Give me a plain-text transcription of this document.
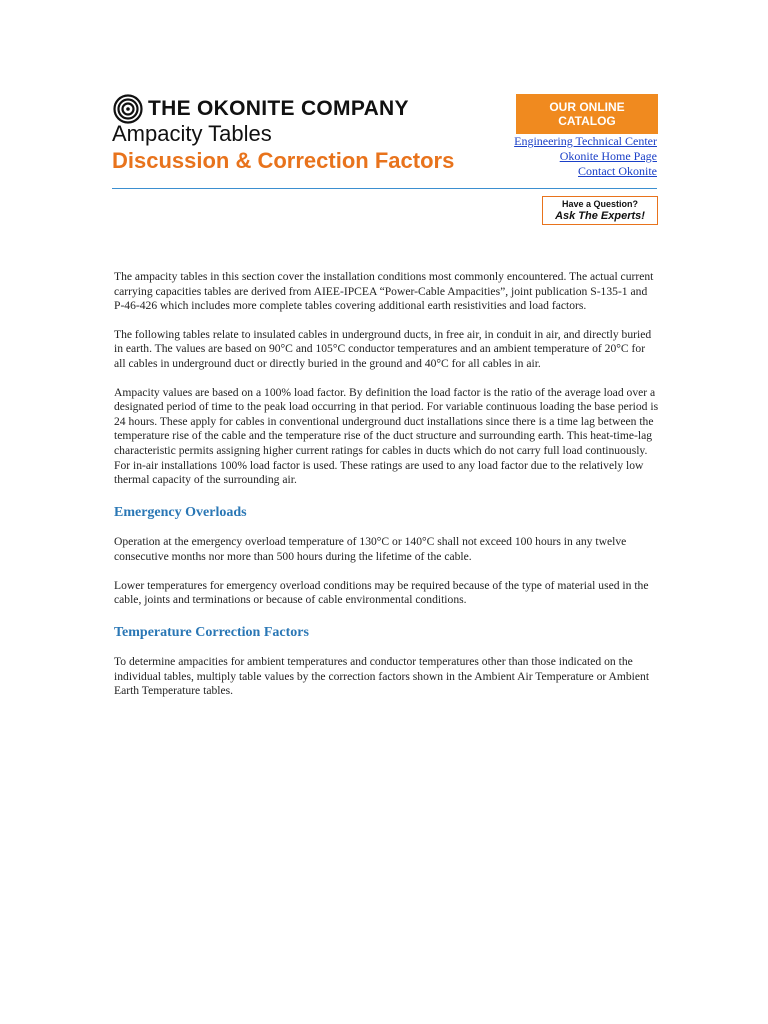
THE OKONITE COMPANY
Ampacity Tables
Discussion & Correction Factors
OUR ONLINE
CATALOG
Engineering Technical Center
Okonite Home Page
Contact Okonite
Have a Question?
Ask The Experts!

The ampacity tables in this section cover the installation conditions most commonly encountered. The actual current carrying capacities tables are derived from AIEE-IPCEA “Power-Cable Ampacities”, joint publication S-135-1 and P-46-426 which includes more complete tables covering additional earth resistivities and load factors.

The following tables relate to insulated cables in underground ducts, in free air, in conduit in air, and directly buried in earth. The values are based on 90°C and 105°C conductor temperatures and an ambient temperature of 20°C for all cables in underground duct or directly buried in the ground and 40°C for all cables in air.

Ampacity values are based on a 100% load factor. By definition the load factor is the ratio of the average load over a designated period of time to the peak load occurring in that period. For variable continuous loading the base period is 24 hours. These apply for cables in conventional underground duct installations since there is a time lag between the temperature rise of the cable and the temperature rise of the duct structure and surrounding earth. This heat-time-lag characteristic permits assigning higher current ratings for cables in ducts which do not carry full load continuously. For in-air installations 100% load factor is used. These ratings are used to any load factor due to the relatively low thermal capacity of the surrounding air.

Emergency Overloads

Operation at the emergency overload temperature of 130°C or 140°C shall not exceed 100 hours in any twelve consecutive months nor more than 500 hours during the lifetime of the cable.

Lower temperatures for emergency overload conditions may be required because of the type of material used in the cable, joints and terminations or because of cable environmental conditions.

Temperature Correction Factors

To determine ampacities for ambient temperatures and conductor temperatures other than those indicated on the individual tables, multiply table values by the correction factors shown in the Ambient Air Temperature or Ambient Earth Temperature tables.
